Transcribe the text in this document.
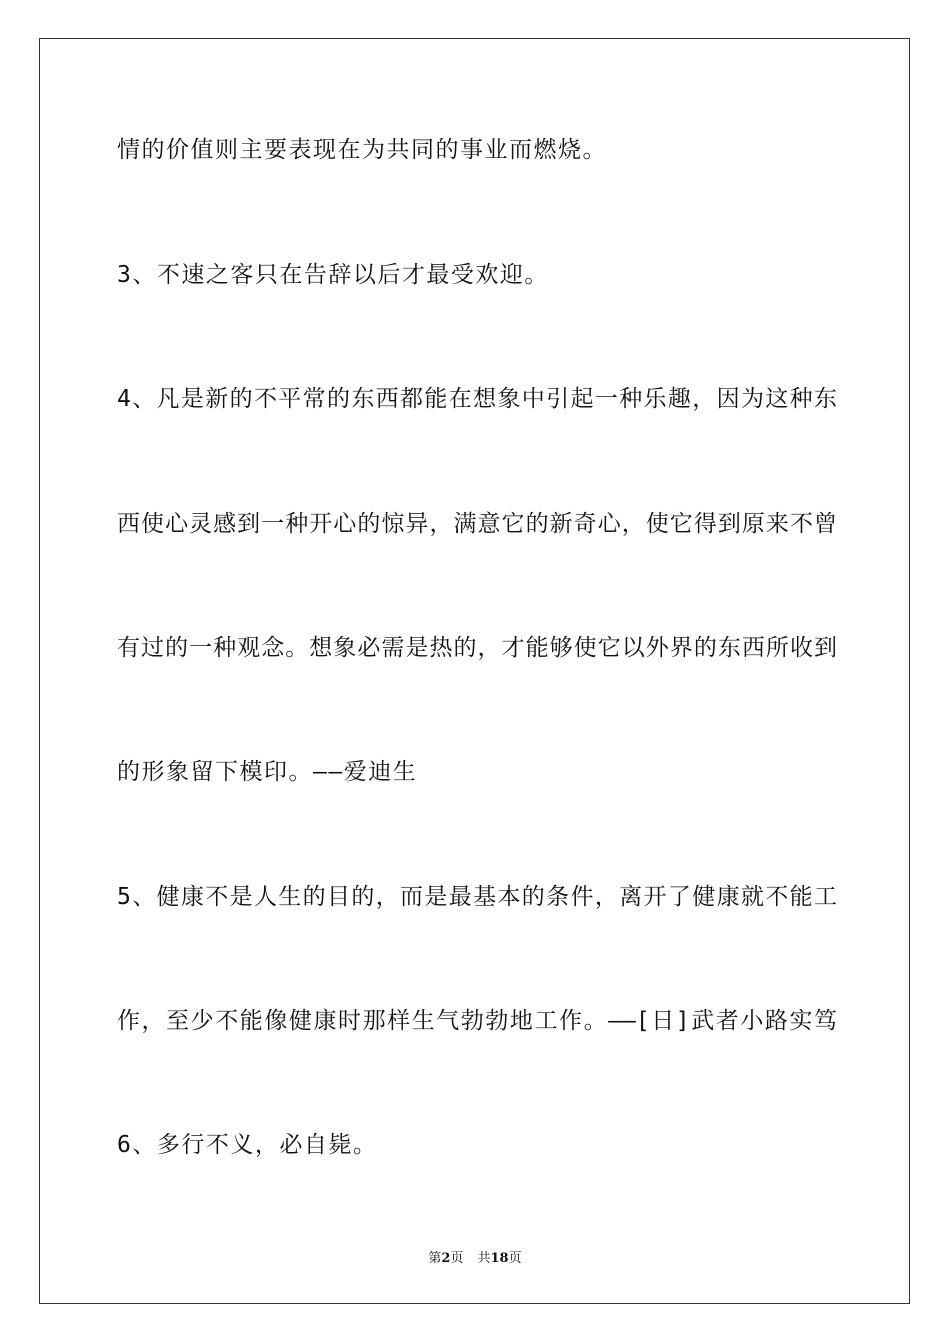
情的价值则主要表现在为共同的事业而燃烧。
3、不速之客只在告辞以后才最受欢迎。
4、凡是新的不平常的东西都能在想象中引起一种乐趣，因为这种东
西使心灵感到一种开心的惊异，满意它的新奇心，使它得到原来不曾
有过的一种观念。想象必需是热的，才能够使它以外界的东西所收到
的形象留下模印。——爱迪生
5、健康不是人生的目的，而是最基本的条件，离开了健康就不能工
作，至少不能像健康时那样生气勃勃地工作。——[日]武者小路实笃
6、多行不义，必自毙。
第2页 共18页
